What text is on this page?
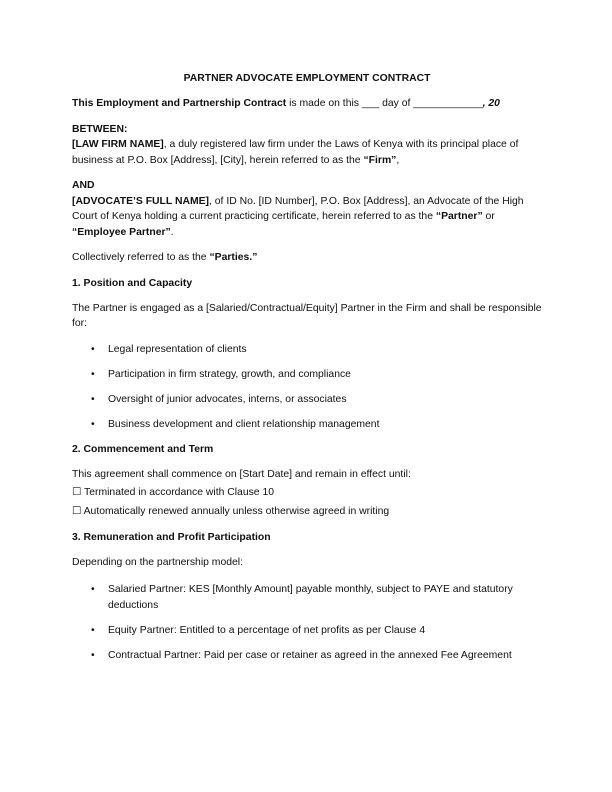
PARTNER ADVOCATE EMPLOYMENT CONTRACT

This Employment and Partnership Contract is made on this ___ day of ____________, 20

BETWEEN:

[LAW FIRM NAME], a duly registered law firm under the Laws of Kenya with its principal place of business at P.O. Box [Address], [City], herein referred to as the “Firm”,

AND

[ADVOCATE’S FULL NAME], of ID No. [ID Number], P.O. Box [Address], an Advocate of the High Court of Kenya holding a current practicing certificate, herein referred to as the “Partner” or “Employee Partner”.

Collectively referred to as the “Parties.”

1. Position and Capacity

The Partner is engaged as a [Salaried/Contractual/Equity] Partner in the Firm and shall be responsible for:

• Legal representation of clients
• Participation in firm strategy, growth, and compliance
• Oversight of junior advocates, interns, or associates
• Business development and client relationship management

2. Commencement and Term

This agreement shall commence on [Start Date] and remain in effect until:

☐ Terminated in accordance with Clause 10

☐ Automatically renewed annually unless otherwise agreed in writing

3. Remuneration and Profit Participation

Depending on the partnership model:

• Salaried Partner: KES [Monthly Amount] payable monthly, subject to PAYE and statutory deductions
• Equity Partner: Entitled to a percentage of net profits as per Clause 4
• Contractual Partner: Paid per case or retainer as agreed in the annexed Fee Agreement
